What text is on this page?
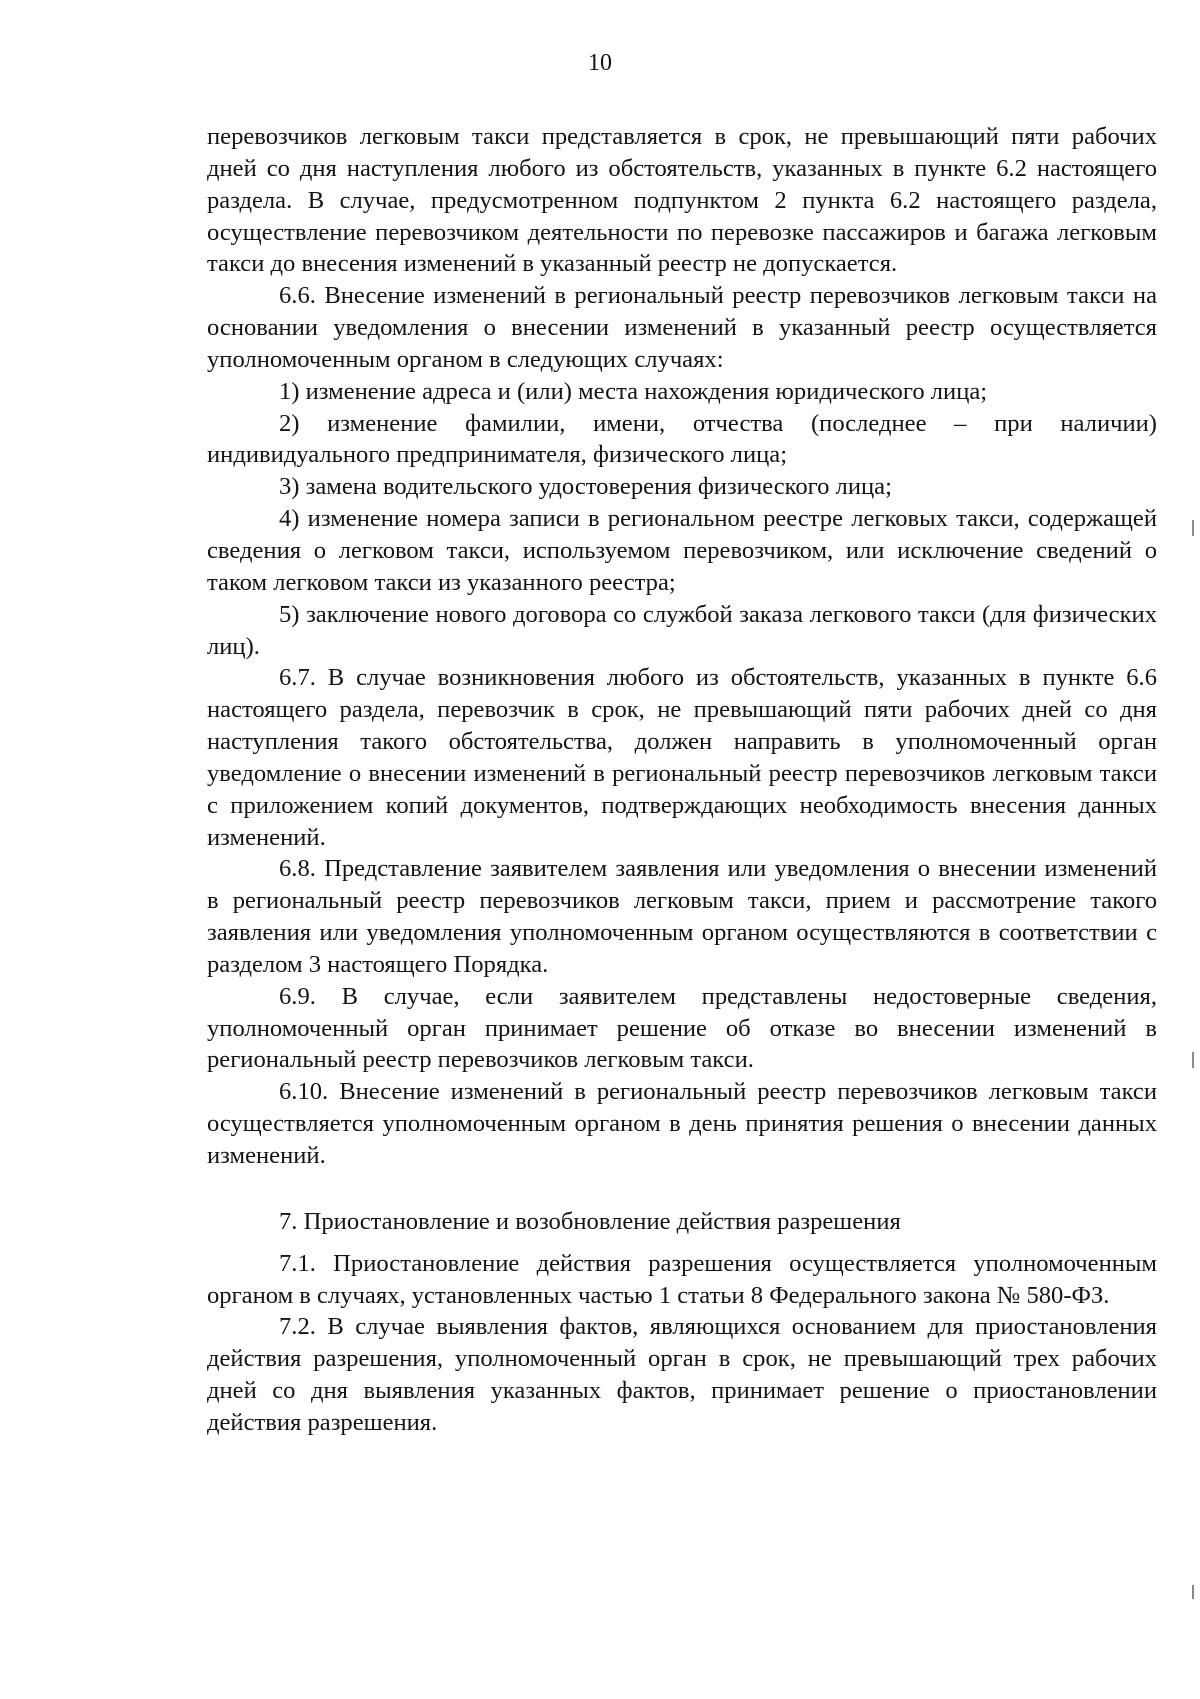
10

перевозчиков легковым такси представляется в срок, не превышающий пяти рабочих дней со дня наступления любого из обстоятельств, указанных в пункте 6.2 настоящего раздела. В случае, предусмотренном подпунктом 2 пункта 6.2 настоящего раздела, осуществление перевозчиком деятельности по перевозке пассажиров и багажа легковым такси до внесения изменений в указанный реестр не допускается.

6.6. Внесение изменений в региональный реестр перевозчиков легковым такси на основании уведомления о внесении изменений в указанный реестр осуществляется уполномоченным органом в следующих случаях:

1) изменение адреса и (или) места нахождения юридического лица;

2) изменение фамилии, имени, отчества (последнее – при наличии) индивидуального предпринимателя, физического лица;

3) замена водительского удостоверения физического лица;

4) изменение номера записи в региональном реестре легковых такси, содержащей сведения о легковом такси, используемом перевозчиком, или исключение сведений о таком легковом такси из указанного реестра;

5) заключение нового договора со службой заказа легкового такси (для физических лиц).

6.7. В случае возникновения любого из обстоятельств, указанных в пункте 6.6 настоящего раздела, перевозчик в срок, не превышающий пяти рабочих дней со дня наступления такого обстоятельства, должен направить в уполномоченный орган уведомление о внесении изменений в региональный реестр перевозчиков легковым такси с приложением копий документов, подтверждающих необходимость внесения данных изменений.

6.8. Представление заявителем заявления или уведомления о внесении изменений в региональный реестр перевозчиков легковым такси, прием и рассмотрение такого заявления или уведомления уполномоченным органом осуществляются в соответствии с разделом 3 настоящего Порядка.

6.9. В случае, если заявителем представлены недостоверные сведения, уполномоченный орган принимает решение об отказе во внесении изменений в региональный реестр перевозчиков легковым такси.

6.10. Внесение изменений в региональный реестр перевозчиков легковым такси осуществляется уполномоченным органом в день принятия решения о внесении данных изменений.

7. Приостановление и возобновление действия разрешения

7.1. Приостановление действия разрешения осуществляется уполномоченным органом в случаях, установленных частью 1 статьи 8 Федерального закона № 580-ФЗ.

7.2. В случае выявления фактов, являющихся основанием для приостановления действия разрешения, уполномоченный орган в срок, не превышающий трех рабочих дней со дня выявления указанных фактов, принимает решение о приостановлении действия разрешения.
